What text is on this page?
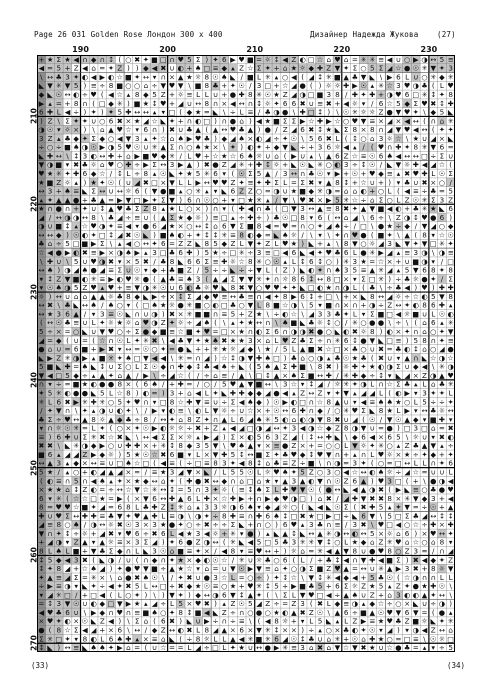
Page 26 031 Golden Rose Лондон 300 x 400	Дизайнер Надежда Жукова (27)
190	200	210	220	230
210
220
230
240
250
260
270
+ ★ Σ ★ ◀ ∩ ◆ ∩ ↕ ( ○ ✖ ✦ ■ □ ∩ ♥ 5 Σ ) ✦ 6 ▶ ♥ ■ = ☼ ↕ ◀ Z ◐ □ ☆ ⌂ ♥ ⌂ = ✳ ✳ ≡ ◀ ∪ ○ ▶ ◑ ↔ 5 ≡
◀ = 5 + Z ◀ ⌂ = ✦ Z ) ) ◆ ◀ ✖ ∪ ◐ + ♠ □ ≡ ◆ ▴ Z ☆ Σ ✦ + ⌂ ★ ☼ ◆ ✚ Z ▼ ✦ Σ ○ 5 Σ ◢ ☆ ● ☉ ✳ ▼ ✦ 3
\ ↔ ♣ 3 ✦ ◐ ◀ ▶ ◐ ☆ ■ ✦ ↔ ▾ ∩ × ▲ ★ ☼ 8 ☉ ♠ ◣ / ■ L ✳ ▴ ○ ◀ ( ◢ ↕ ✳ ■ ▲ ♣ ▼ ◣ \ ▶ 6 L ∪ ○ ✳ ◆ ✳
◣ ▼ ✳ ▼ 5 ) ≡ ÷ 8 ■ ○ ○ ⌂ ÷ ▼ ♥ ▼ \ ■ 8 ♣ + ✦ ☉ / 3 □ + ☆ ◢ ● ( ) ☼ ☼ ✚ ▶ ☉ ▴ ✳ ☆ 3 ♥ ◑ ♣ ( L ♥
◆ ◣ ☉ ↔ ◐ ÷ ♥ ( ◀ ☆ ▴ 8 ◆ 5 Z + ☼ ≡ L L ∪ + ● ✚ 8 ✳ ☉ ★ Z ◢ ◑ □ ■ 3 8 / ✚ ✦ ✚ + ◑ ♥ 6 □ ✳ ↕ ✦ 8
▶ ▴ = + 8 ∩ ( □ ◆ ✳ ) ■ ★ ↕ ♥ + ◢ ∪ ↔ 8 ∩ × ◀ ↔ ∩ ↕ ☼ ✦ 6 6 ✖ ∪ ≡ ✖ + ◀ ☼ ▾ / 6 ☆ 5 ◆ Σ ♥ ✖ ↕ ✚
6 ✚ L ◀ ÷ ) ✦ ) ✦ 5 ✚ ↔ ↔ ▴ ▾ □ ( ◆ ★ = ◣ \ ÷ L ≡ / ♣ ◑ ● \ ✚ □ ↕ ) \ ☉ ✳ ☼ ☼ Z ● ▼ ♥ ✦ \ ◆ 5 ◣
) Z \ Σ ✦ ✦ ∪ ○ 6 ✖ × ★ ◢ ☆ ◣ ✦ + ∩ ◐ □ ) ∩ ● ⌂ ) ◀ ★ ■ Σ Σ ▶ ☆ ✚ ▶ ☆ ○ ♥ ▼ ≡ × ◢ × ◀ ↔ ( ∩ ⌂ ✳
◑ ☉ ▾ ☼ × ) \ ⌂ ▲ ♥ ☆ ▾ 6 ∩ ) ✖ ∪ ♣ ▲ ( ▲ ↔ ♥ ♣ ▲ ) ● / Z ◢ 6 ✖ ↕ ★ ◣ Σ 8 × 8 ∩ ◢ ▼ ♥ ◀ ↔ ( ✦ ✦
3 Z ▴ ♣ ◆ ✦ Σ ◆ ○ ◀ ▼ 3 ▴ ✦ ☆ ⌂ ♠ ▶ ♥ ♣ ) ◆ ◢ ♠ × ◐ ◢ ÷ ✦ ☉ \ 5 6 ✖ L ( ↕ ○ ⌂ 3 ☼ ☆ \ ★ ∪ ◢ × ◣
÷ ○ ÷ ■ ♠ ◑ ☉ ▶ ◑ 5 ♥ ☉ ∪ ✳ ▲ Σ ∩ ○ ♠ ★ × \ ✦ ) ◐ ✦ + ◆ ▼ ◣ ÷ + 3 6 ☼ ◀ ▴ / ( ♥ ∩ ✚ ✦ 8 ✳ ▼ 6 =
◣ ✚ ↔ \ ↕ 3 ◐ ↔ ✚ + ⌂ ▶ ■ ♥ ◆ ✳ / L ♥ + ☆ ★ ☆ 6 ♠ ☼ ∪ ⌂ ( ▶ ∪ ▴ \ ▲ 6 Z ☆ ≡ ☉ 6 ♠ ◀ ↔ ↔ □ ÷ Σ ∪
▼ ◑ ■ ▾ ✖ ♣ ☼ ⌂ ♥ ○ ✚ ÷ ▶ Σ ↔ 3 ▶ ▲ ) ✖ ● Z ◢ ✳ + ✚ ↕ ☼ + ◣ ☉ ◣ ✳ ○ ◐ 3 ÷ ↕ ☉ / ◣ ▼ ☼ ✚ ◀ ◢ ☆ (
♥ ★ ✳ ✦ ✚ 6 ◆ ☆ / ↕ L ÷ 8 ▴ ☉ ◣ ✦ ★ 5 ✳ 6 ▾ ( ☉ Σ 5 ▲ / 3 ↔ ∩ ♣ ☉ ▾ ▶ + ☉ + ♥ ◆ ≡ ▴ ✖ ♥ ✚ L ☉ Σ
★ ■ Z ☼ ▴ ) ★ ✦ ☉ ( ∪ ◢ ✖ □ × ▼ L L ▶ ↔ ♥ ♥ Z ✦ ≡ ✦ ✚ Σ L = Σ ✖ ▾ ▲ 8 ↕ + ☆ ∪ + ) ▾ ♣ ∪ ✖ × ○ /
↔ 3 + ♠ ≡ ◣ Σ ↔ ∪ ↔ ☼ 6 ( ▼ ● ■ ▴ ○ ✳ ▴ ▾ ◣ 6 Z Z ○ = ◑ ∪ ★ ■ ◆ ✳ ◑ = ⌂ ⌂ ◐ + ○ L ( ◀ ≡ ÷ ♣ = 5
▴ ✦ ▲ ▲ ● + ♣ ▲ = ▶ ▼ □ ▶ ✦ Σ ▼ ) 6 ∩ ☉ ○ + ▾ □ ★ ✳ ▴ / ▼ \ ♥ ✖ × ▶ 5 ✳ ☆ ÷ ⌂ Σ ○ L Z ☉ ✳ Σ 3 Z
★ ∩ ● ∩ + ✦ ∪ ↕ ▲ ♥ ♣ Σ Z 8 ▴ ★ L ○ × ) ∩ ▾ ( ✚ ◀ ∩ ♣ ( □ ▼ 3 ↔ ▲ ≡ 8 ✖ ✦ ▲ ▼ ■ ◀ ◐ + ♣ ✳ ★ ◣ 6
◢ / ↔ ◑ ◑ ↔ 8 \ ♣ ◢ ÷ ≡ ∪ ( ▲ Σ ★ ◆ ☼ ) ≡ □ ▴ ÷ ✚ + ) ♣ ☉ □ 8 ▾ 6 ( ↔ ⌂ ◢ \ 6 ÷ \ Z ◑ ↕ ♥ ● 6 )
◑ ∪ ■ ↕ ▴ ☆ ♥ ◑ ✦ ≡ ◀ ▾ ● 6 ◢ ★ × ○ ↔ ↕ ⌂ 6 ▼ Σ ■ 8 ◀ = ♥ = ∩ ○ ✦ ◢ ♠ ÷ / □ \ ● ★ ÷ ◆ / ▼ ◢ ○ ◆
↔ ↔ ◆ ) ☉ ◐ ✦ □ ↕ ◢ ✖ ☉ ◣ ) ■ ♠ ◐ + ✦ ↕ ↕ ✳ ≡ 8 ◐ ◆ = ◣ ♠ ☼ / \ ▾ \ ✦ ∩ ♥ ● ( ■ ✦ \ ▲ ( 8 ▾ ☆ ☉
♣ ⌂ ÷ 5 □ ■ ▶ Σ \ ▴ ◀ ○ ↔ ✦ 6 = Z Z ◣ 8 5 ◆ Z L ▼ ✦ Z L ♥ ★ ) ◣ + ▴ \ 8 ▼ ○ ☼ ◢ 3 ◣ ▼ ✦ ▼ □ ✳ ✦
☆ ◀ ● ▶ ◐ ✖ ≡ ▶ × ◑ ♠ ▶ ▴ 3 □ ♣ 6 ✚ ) 5 ★ ÷ □ ✳ ÷ 3 ≡ □ ◀ 6 ◣ ◀ ✦ ♥ ♣ 6 L ● ✳ ▶ ◢ ▴ ≡ 3 ◑ \ ◑ ≡
\ ✚ ∪ \ 5 ∪ ♥ ◑ ✖ ▾ × 5 ✖ / ♣ 8 ◣ 6 6 Σ ≡ ✚ ☼ ☆ 8 ✳ ○ ☉ ▴ L ↕ 6 ↕ ○ ) ✳ 3 ★ = ☆ × + ∪ ■ ◑ ▾ / □
↔ ♠ ) ◑ ◢ ♠ ● ◢ ≡ Σ ∪ ☉ ▾ ◆ + ♣ ■ Z / 5 ÷ ÷ ◣ ÷ ÷ ▼ L ( Z ) ◣ ◐ ✦ ∩ ♠ 3 5 ≡ ▲ ✳ ◢ ▴ 5 ▼ 6 8 ✦ 8
▾ ↕ Z ▼ ■ ◐ ✳ ≡ ▶ ◐ ♥ ☼ ● ( ▲ ♣ ≡ ♠ 3 ( ▲ ◢ Σ ▼ ▼ ✳ ✦ ∩ ☼ 8 6 ↕ ↔ 8 □ × ▾ Σ □ ✳ ) ÷ ♣ ☼ ● ✦ / Σ
▾ ☉ ♠ ◑ 5 Z ♥ ▴ ♥ + ≡ ▼ ◑ ✳ ☉ ∪ 6 ◐ ♣ ☼ ♥ ◣ 8 ✖ ▼ ○ ♥ ♥ ✦ ✦ ◣ □ ◐ ★ ∩ ◑ L ( ♣ \ ÷ ♣ ◀ ) ♥ ) ✚ ✚
☼ ) ↔ ∪ ⌂ ⌂ ▲ ▲ ☼ ♣ 8 ◆ ◣ ▶ ÷ × ↕ Σ ◢ ◆ ♥ ≡ ↔ ♣ ≡ ∩ ◀ ✦ 8 ▶ 6 ↕ + □ \ + × ◣ 8 ↔ ◢ ☼ ÷ ☆ ◐ 5 ▼ 8
↔ ✖ \ ♣ ◣ ↔ ♠ / ♠ ○ ▾ ( □ ♠ ★ ☼ ● ✳ ■ ○ ◐ □ ♣ ○ ▼ L 8 ■ ☆ ◑ \ 5 ▾ ■ ∩ × ∩ + ◑ ÷ Z ↔ ✦ ◐ 8 6 ✚ ▴
↔ ★ 3 6 ▲ / ▾ 3 ≡ ☉ ◣ ∩ ∪ ◑ ) ✖ × ✳ ■ ■ ∩ ≡ 5 + Z ★ \ ÷ ◐ ☆ \ ◢ 3 3 ♣ ✦ L ▾ Σ ■ □ ◀ ☼ ■ ∪ L ☉ ◐
( ↔ ☉ ♣ ≡ ∪ L ✦ ☼ ★ ☼ ⌂ ♥ ◑ Z ✦ ☼ ÷ ◢ ♠ ( \ ▴ ✦ ★ ↔ ∩ \ ♠ ■ ◣ ♣ ☼ ↕ ○ / ✳ ○ ● ● \ ÷ \ ( ⌂ 6 ▴ ✳
5 ÷ × = ○ ◣ ∪ ▼ ♥ ○ ÷ Σ ● ◆ ■ ≡ ☆ ■ ✦ ♥ = □ × ★ ∩ ◐ Σ 6 ∩ ◑ ◑ ✖ ● ○ ◣ ◐ ✖ ☼ 8 ) ◐ × ✦ ∩ ⌂ ○ ✦ ▼
◢ = ◆ ( ∪ = ( ☆ ∩ ☉ L ✦ ✳ ✖ \ ◀ ♣ ▼ ✦ ★ ♠ ✖ ★ ★ 3 × ⌂ L ♥ Z ♣ Σ ÷ ∩ ✳ 6 ↕ ● ▼ ◣ □ ≡ ) 5 8 ∩ ✦ ≡
● ⌂ ∪ = 6 ■ + ▶ ✖ ▾ ↔ = ☉ ○ ✦ = ● ◣ + + ✳ ★ ☼ ◢ ◆ \ ★ / 5 L ▲ ■ ✖ ☆ □ × ♣ ○ ∪ ✖ = ♣ ◐ ↕ ⌂ ○ ◢ ●
◣ ▶ Z ✳ ◑ ▶ ▴ ■ ✳ ✦ ♠ □ ▼ ◀ ◀ \ ✳ = ∩ ◢ ) ☆ ↕ ◑ ▼ ✚ ♠ □ ) ♣ ⌂ ○ ◑ ▴ ♣ ☉ ★ ♣ ( ✖ ∪ ▾ ▲ ∩ ◣ ☆ ◑ ☆
5 ■ ◣ ✚ = ♠ ◣ ↕ ∪ Σ ○ L Σ ☉ ◆ ∩ ✚ ◆ ↕ ♣ ◀ ♠ + ◣ ( 5 ♠ ▲ Σ ✚ ■ \ 8 ✖ ) ☼ ✚ ✦ ★ ◐ ◑ Σ ∪ ◆ ◀ \ ✳ ◑
▼ ◀ □ 5 ◆ ÷ ▴ ▲ ✦ ⌂ ▲ / ▶ \ ÷ ◢ ☆ ( / ÷ ⌂ ≡ / ▲ \ □ ↕ ▲ × ♠ Σ ■ ↔ ✚ / ✳ ✚ ◆ ÷ ↕ ▾ ◣ ◢ × Z ◑ ▲ ♥
∩ ▾ ÷ = ■ ★ ◐ ● ● 8 × ( 6 ♠ / + ✚ = / ○ / 5 ♥ ▲ ▼ ■ ↔ \ 3 ☆ ▾ ↕ ◢ / ☼ ✳ ✦ ◑ L ∩ ☆ Σ ♣ ▴ L ⌂ ♣ ✳
✦ 5 ✳ ◐ ● ● ◣ 5 L ☆ 8 ) ◐ = ) 3 + ⌂ ◀ L ✦ ◣ ✚ ✚ ◆ ◆ ◢ ● ◀ ▴ Z ↔ Z ▾ ✦ ▼ ▴ ◢ ◢ L ( ◐ ▶ ▾ 3 ✦ ✦ L
✳ L 6 ✖ ▶ ✳ ✚ ✳ ○ 5 ✦ ♥ ∩ ▾ □ 8 ☆ ✚ ▼ ≡ ∪ ÷ Σ ◀ ♠ ◆ ) ☉ ▶ ◐ □ ∩ ☆ 8 ▲ ∪ ▾ ◀ ≡ ♠ ♠ ★ ○ L 5 ÷ ÷ ✦
/ ✦ ▼ ∩ \ ✦ ▴ ◑ ∪ ◐ ✦ \ / ▶ ▾ ◐ ≡ \ ◐ L ▼ ☼ ÷ ∪ ☆ × + ☉ ↔ 6 ✚ ∩ ◆ / ○ ✳ ♥ Σ ◣ 8 ★ L ▶ ▾ ↔ ♣ ☼ ↔
♣ Σ ÷ ♥ ↔ ▲ 8 ☼ ▲ ◆ ♣ ÷ 8 / ↔ ✦ ⌂ 8 Z ✦ ∩ ▲ L 6 ◢ ♠ ✳ 5 ◐ ⌂ ◐ ◑ ▼ 8 ✖ ∪ ◢ ( ☉ / ▼ ☉ ▲ ◆ ▾ ■ ✚ ▾
▾ ∩ ☼ ☉ ✳ = L ✦ ( ○ × ✦ ☉ ▶ ◐ ☼ ☼ ÷ ✖ + Z ▴ ◀ ◢ □ ◑ ◢ ↔ ✦ 3 ◀ ◑ ☆ ◆ Z 8 ◑ ▼ ∪ = ● ) □ 3 □ ⌂ = ✖
≡ ) 6 ✚ ∪ Σ ✳ ✖ ☆ ✖ ◣ \ ↔ ◀ Σ Σ × ☼ ▴ ▶ ◢ ) Σ × ◐ 5 6 3 Z ◢ ( ↕ ↔ ✚ ◣ \ ◆ 6 ◀ × 6 5 \ ☼ ∪ ▾ ✖ ◐
✖ ✖ \ ◣ ✳ ◑ ◆ ▶ ○ ∪ ✚ ✚ × + ✳ ↕ 8 ◆ 3 5 ▼ \ ♥ ♠ ▲ ▾ × ≡ ● Z × + = ○ ○ L ▼ ☼ ✦ ✳ ○ ▴ Z ♣ ▲ ▼ ▴ ÷
■ 6 ▴ ◢ ◢ Z ▶ ◆ ☼ ) 5 ★ ☉ ☆ ✖ 6 ■ ▾ L × ▼ ✚ 5 ↕ ↔ ■ Σ ✦ ♣ ♥ ◆ ↕ ♥ ▼ ∩ + ▴ ∩ L ♥ ☼ × ★ ÷ ✦ ◆ + ✦
↔ ▲ 3 ▴ ◆ × ↔ ≡ ∪ □ ♠ ☆ □ ( ◀ ≡ ( ÷ □ ≡ 8 3 ✦ ◀ 8 ↕ ⌂ ♣ ≡ Z ÷ ■ \ ∩ ◑ = 3 ✦ ( ○ = □ ↔ L L ∩ ✦ 6
5 ★ / ▴ ○ + ◐ ◢ ▲ ◢ × = / ≡ ★ 3 ◢ ▼ × ◣ / L 5 5 ☉ L ☼ ♥ ♠ ✦ 5 Z ○ 3 ○ ◀ ☆ ↔ ◐ ♠ ☼ ÷ ◢ ☆ = ∪ ∪ L
( ◐ ≡ ∩ 5 ∩ ◀ ♠ ▴ ✦ × ★ ◆ ↔ ⌂ ✦ ( ✚ ● ✖ ↔ ◆ ∩ ⌂ □ ⌂ ★ ▾ ▲ 3 ▲ ◐ ▼ ∩ ☉ Z 6 ▲ ) ♥ 3 □ ( + \ ● ◑ ◀
× ★ ★ ⌂ ↕ Z ◐ = ÷ ↔ ☆ ▼ ☆ ✳ ↔ ↕ = 5 ∩ 3 ✦ ☼ ( ≡ ↕ ♠ Σ L ✚ ♥ ▼ ☉ ( ● ↔ ◣ ◀ ▲ ◑ ✖ ( ▶ ◣ ≡ ○ ♣ ● ♥
6 ▾ ✳ ( ☆ ☆ □ ★ = ▶ ( × ▼ 6 ↔ ✚ ▲ 6 L ✚ × ☆ ✚ ▶ + ∩ ▶ ◆ ♥ ◑ □ ) ⌂ ✖ / ◢ ✚ ▼ ✖ ✖ 8 × ✳ ▼ ◆ 3 + ◀
8 = ♥ ♥ ☆ ■ ✦ ◢ = 6 8 L ♣ ✚ Z ↕ ✳ ⌂ ▴ 3 3 ☼ ◑ 6 ♠ ▾ ◆ ◢ ☼ ○ ( ◣ ◀ ◣ ☉ Σ ( ✖ ✚ 5 ▴ ✦ ▼ = ÷ ☉ + ▲
✚ ∪ ♥ Σ ↔ ✚ ✚ ≡ ♣ ▼ ✦ ♥ ▲ ✚ L ≡ ◑ \ ◑ ✦ ÷ 8 ✚ ≡ ∩ ✚ 6 ♠ ↕ □ ✖ ★ □ ▶ □ ÷ ◣ 6 ▼ \ 5 □ Σ ♣ ◢ ↔ ↕ ↕
◢ ≡ 8 ○ ♠ / ◑ ↔ ☼ ✖ ☉ 3 × 3 ★ ● ✦ ○ ÷ ✖ ÷ ÷ Σ ◣ + ∩ ○ ) 6 ♥ ▴ 3 ♣ ∩ ≡ / 3 ✖ \ ♥ □ ◀ ○ ☆ ÷ ✚ × ✚
▼ ∩ ✦ ↕ ÷ ☼ + ◢ ✖ ▾ ♥ 6 ÷ ✖ 6 L ◀ ★ 3 ◀ ☼ + ✳ ▾ ● ) ▴ ◣ ▲ ↕ ◣ ↔ ▲ ✳ ◑ ↔ ◐ ↔ 5 × ☼ ⌂ 6 ) × ♥ ↔ ✦
+ ◢ ◑ ▾ Z ▲ ▾ ▲ ☼ ≡ × 3 Σ ◢ ) ✦ 6 ● Z ◑ ↔ ( ✳ ◣ ◀ 5 □ 5 ♣ 3 ✳ ✳ ▼ ↕ ○ L ★ ◆ ⌂ Z ✳ ♥ ⌂ ☆ ○ ⌂ 8 ▾
8 L ♠ L ■ + ▼ ♣ Σ ◆ ∩ L ◣ 3 ☉ ⌂ ■ ≡ ✦ × / ◀ 8 ▾ ≡ ♥ ↔ + ) ☼ ⌂ = ✳ ◀ ▲ ▼ 8 ∪ ● ♥ 8 ○ Z 3 = / ∩ ◢
↕ 5 ◆ ◀ 3 ✖ ( ◣ ◑ / ∪ ( ∩ ◆ ∩ ✦ ★ × ◆ ◐ ☉ ☆ / ✳ ∪ ☼ ♣ ○ 6 ( L / + ♣ ↕ ◀ ∩ ▼ ✚ ◀ ■ Σ ) ✖ ◀ ◆ ✦ Z
↕ ✦ 8 ◢ + ☆ ♠ ◢ ) ✦ ● ♥ ▼ ■ ÷ ▲ ★ ☆ ▾ ⌂ = ∪ ▼ ☉ ▶ ▼ ≡ ⌂ ✦ ○ ◑ Σ ■ Z ♥ ▲ = ↔ ∪ ✳ ▲ ▶ 3 ✖ + 8 ☼ ▼
✦ ▲ ≡ ◢ Σ = ✳ × \ ⌂ ● ✖ ♠ ☉ \ / ✦ ✖ ∪ ● 3 ☆ L = ○ ÷ ) ✦ ↕ ☆ \ ▼ ↕ ✳ ◀ ◆ ◀ + 5 ♣ ☉ ( ☆ ◑ ∩ ∩ L L
÷ ▶ ≡ ◑ ▾ ◣ ✦ ÷ ◀ ✦ ✖ 5 L ↔ □ + ✖ ◆ ★ ☉ ≡ ○ ★ + ♥ ✳ ↕ 5 + ▶ ■ ♣ 5 + 6 Σ ☼ Z ★ 5 ▴ Z ✦ ● ★ ✚ ☉ \
▾ ◢ ✳ □ / + □ ◀ ( L ○ ✦ ) \ ) ▼ ✦ ) ◆ ↔ ◑ 6 ▼ ↕ ▲ ✦ ( \ Σ L ▼ ♥ □ ◀ ÷ ▲ ♠ ∪ Z + ⌂ 3 ◐ ◐ ▲ ✦ ↔ \
= ↕ 3 ▼ ☉ ∪ ◐ ◆ □ ▼ ▶ ★ ▴ ◢ ÷ L 5 × ♥ ✖ ) ▴ Z ☉ 5 ◢ Z ÷ = Z 3 ( ✖ L ◆ ≡ ◑ ▴ ◆ ☆ ÷ ○ × ◣ ∪ ÷ ◑ )
◀ ♥ ♣ 6 ∪ \ ▶ ◆ ∩ ♥ ∩ ≡ ■ ♠ ○ ✦ 8 ↕ ■ ◀ ◣ Z ÷ ∩ ○ ● ○ ★ ◐ ▲ ✖ Z ☉ \ ▲ 6 ÷ ■ ▲ ☉ ♥ ▼ 6 ▼ = ( ● ▴
× ♥ ✦ ◐ × ☉ ◣ Z ◀ ) \ Σ ⌂ ( 6 ✖ ) ◣ ∪ ▶ ÷ ∩ ÷ ≡ \ ( ◀ 8 ☼ + ▾ L 5 ◣ ▴ L Z ▶ ≡ ★ ♥ ♣ Z ■ ☼ ◣ ✦ ✳
● ( 8 ☆ Σ ◀ ◢ + × 6 \ ↔ / ◆ Z ↔ ◐ ✖ L 8 ◢ ▲ × 6 × ▼ ✳ ↕ × × ) ÷ ▴ ○ × ♣ ◐ ✦ ☉ ▾ ◢ ) ▾ ◑ ◀ Z ↔ ⌂
Σ ✳ □ ✦ ▾ 8 ◐ L 6 ♠ ✚ ▴ × ≡ ⌂ ◣ ( ÷ 8 ☼ L L ▲ ◀ ✳ ■ ✳ 6 ◢ ☉ ↕ ♣ ∪ ⌂ ✳ + ☉ ⌂ ✚ ★ ○ = □ ≡ \ ☉ ☼ □
↕ ◣ ) ↔ ≡ ◣ ♠ ♠ ✦ ▶ ⌂ = ( ∪ ☆ = = L ◢ ÷ □ L ✦ ★ ∪ ↔ ● ▶ ✳ ≡ 3 ⌂ ✖ ⌂ ▼ ☆ ▼ ✖ ★ ∪ ☆ ● ♣ = ▴ ▾ ÷ 5
(33)	(34)
